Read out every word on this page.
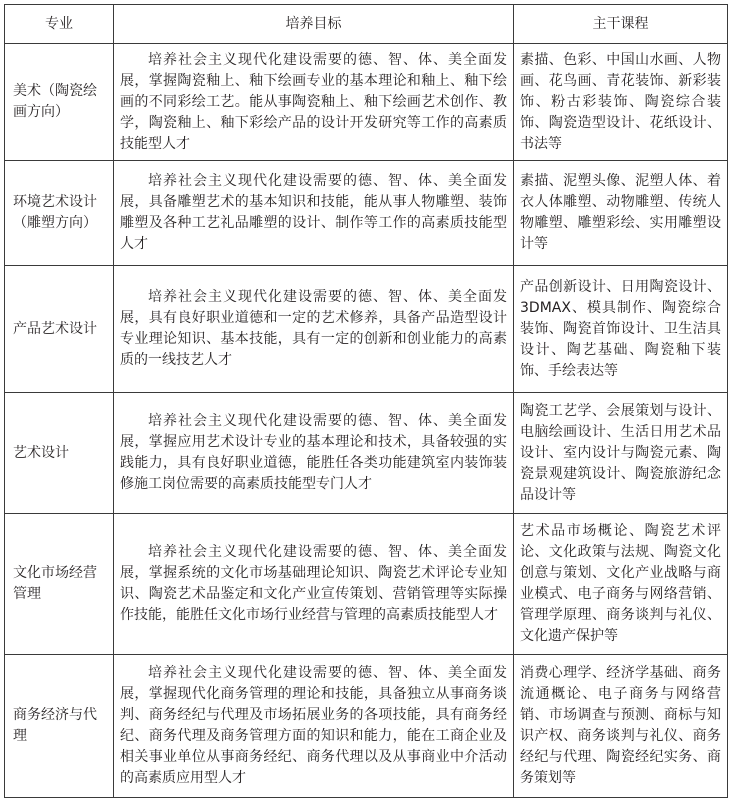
专业	培养目标	主干课程
美术（陶瓷绘画方向）	培养社会主义现代化建设需要的德、智、体、美全面发展，掌握陶瓷釉上、釉下绘画专业的基本理论和釉上、釉下绘画的不同彩绘工艺。能从事陶瓷釉上、釉下绘画艺术创作、教学，陶瓷釉上、釉下彩绘产品的设计开发研究等工作的高素质技能型人才	素描、色彩、中国山水画、人物画、花鸟画、青花装饰、新彩装饰、粉古彩装饰、陶瓷综合装饰、陶瓷造型设计、花纸设计、书法等
环境艺术设计（雕塑方向）	培养社会主义现代化建设需要的德、智、体、美全面发展，具备雕塑艺术的基本知识和技能，能从事人物雕塑、装饰雕塑及各种工艺礼品雕塑的设计、制作等工作的高素质技能型人才	素描、泥塑头像、泥塑人体、着衣人体雕塑、动物雕塑、传统人物雕塑、雕塑彩绘、实用雕塑设计等
产品艺术设计	培养社会主义现代化建设需要的德、智、体、美全面发展，具有良好职业道德和一定的艺术修养，具备产品造型设计专业理论知识、基本技能，具有一定的创新和创业能力的高素质的一线技艺人才	产品创新设计、日用陶瓷设计、3DMAX、模具制作、陶瓷综合装饰、陶瓷首饰设计、卫生洁具设计、陶艺基础、陶瓷釉下装饰、手绘表达等
艺术设计	培养社会主义现代化建设需要的德、智、体、美全面发展，掌握应用艺术设计专业的基本理论和技术，具备较强的实践能力，具有良好职业道德，能胜任各类功能建筑室内装饰装修施工岗位需要的高素质技能型专门人才	陶瓷工艺学、会展策划与设计、电脑绘画设计、生活日用艺术品设计、室内设计与陶瓷元素、陶瓷景观建筑设计、陶瓷旅游纪念品设计等
文化市场经营管理	培养社会主义现代化建设需要的德、智、体、美全面发展，掌握系统的文化市场基础理论知识、陶瓷艺术评论专业知识、陶瓷艺术品鉴定和文化产业宣传策划、营销管理等实际操作技能，能胜任文化市场行业经营与管理的高素质技能型人才	艺术品市场概论、陶瓷艺术评论、文化政策与法规、陶瓷文化创意与策划、文化产业战略与商业模式、电子商务与网络营销、管理学原理、商务谈判与礼仪、文化遗产保护等
商务经济与代理	培养社会主义现代化建设需要的德、智、体、美全面发展，掌握现代化商务管理的理论和技能，具备独立从事商务谈判、商务经纪与代理及市场拓展业务的各项技能，具有商务经纪、商务代理及商务管理方面的知识和能力，能在工商企业及相关事业单位从事商务经纪、商务代理以及从事商业中介活动的高素质应用型人才	消费心理学、经济学基础、商务流通概论、电子商务与网络营销、市场调查与预测、商标与知识产权、商务谈判与礼仪、商务经纪与代理、陶瓷经纪实务、商务策划等
